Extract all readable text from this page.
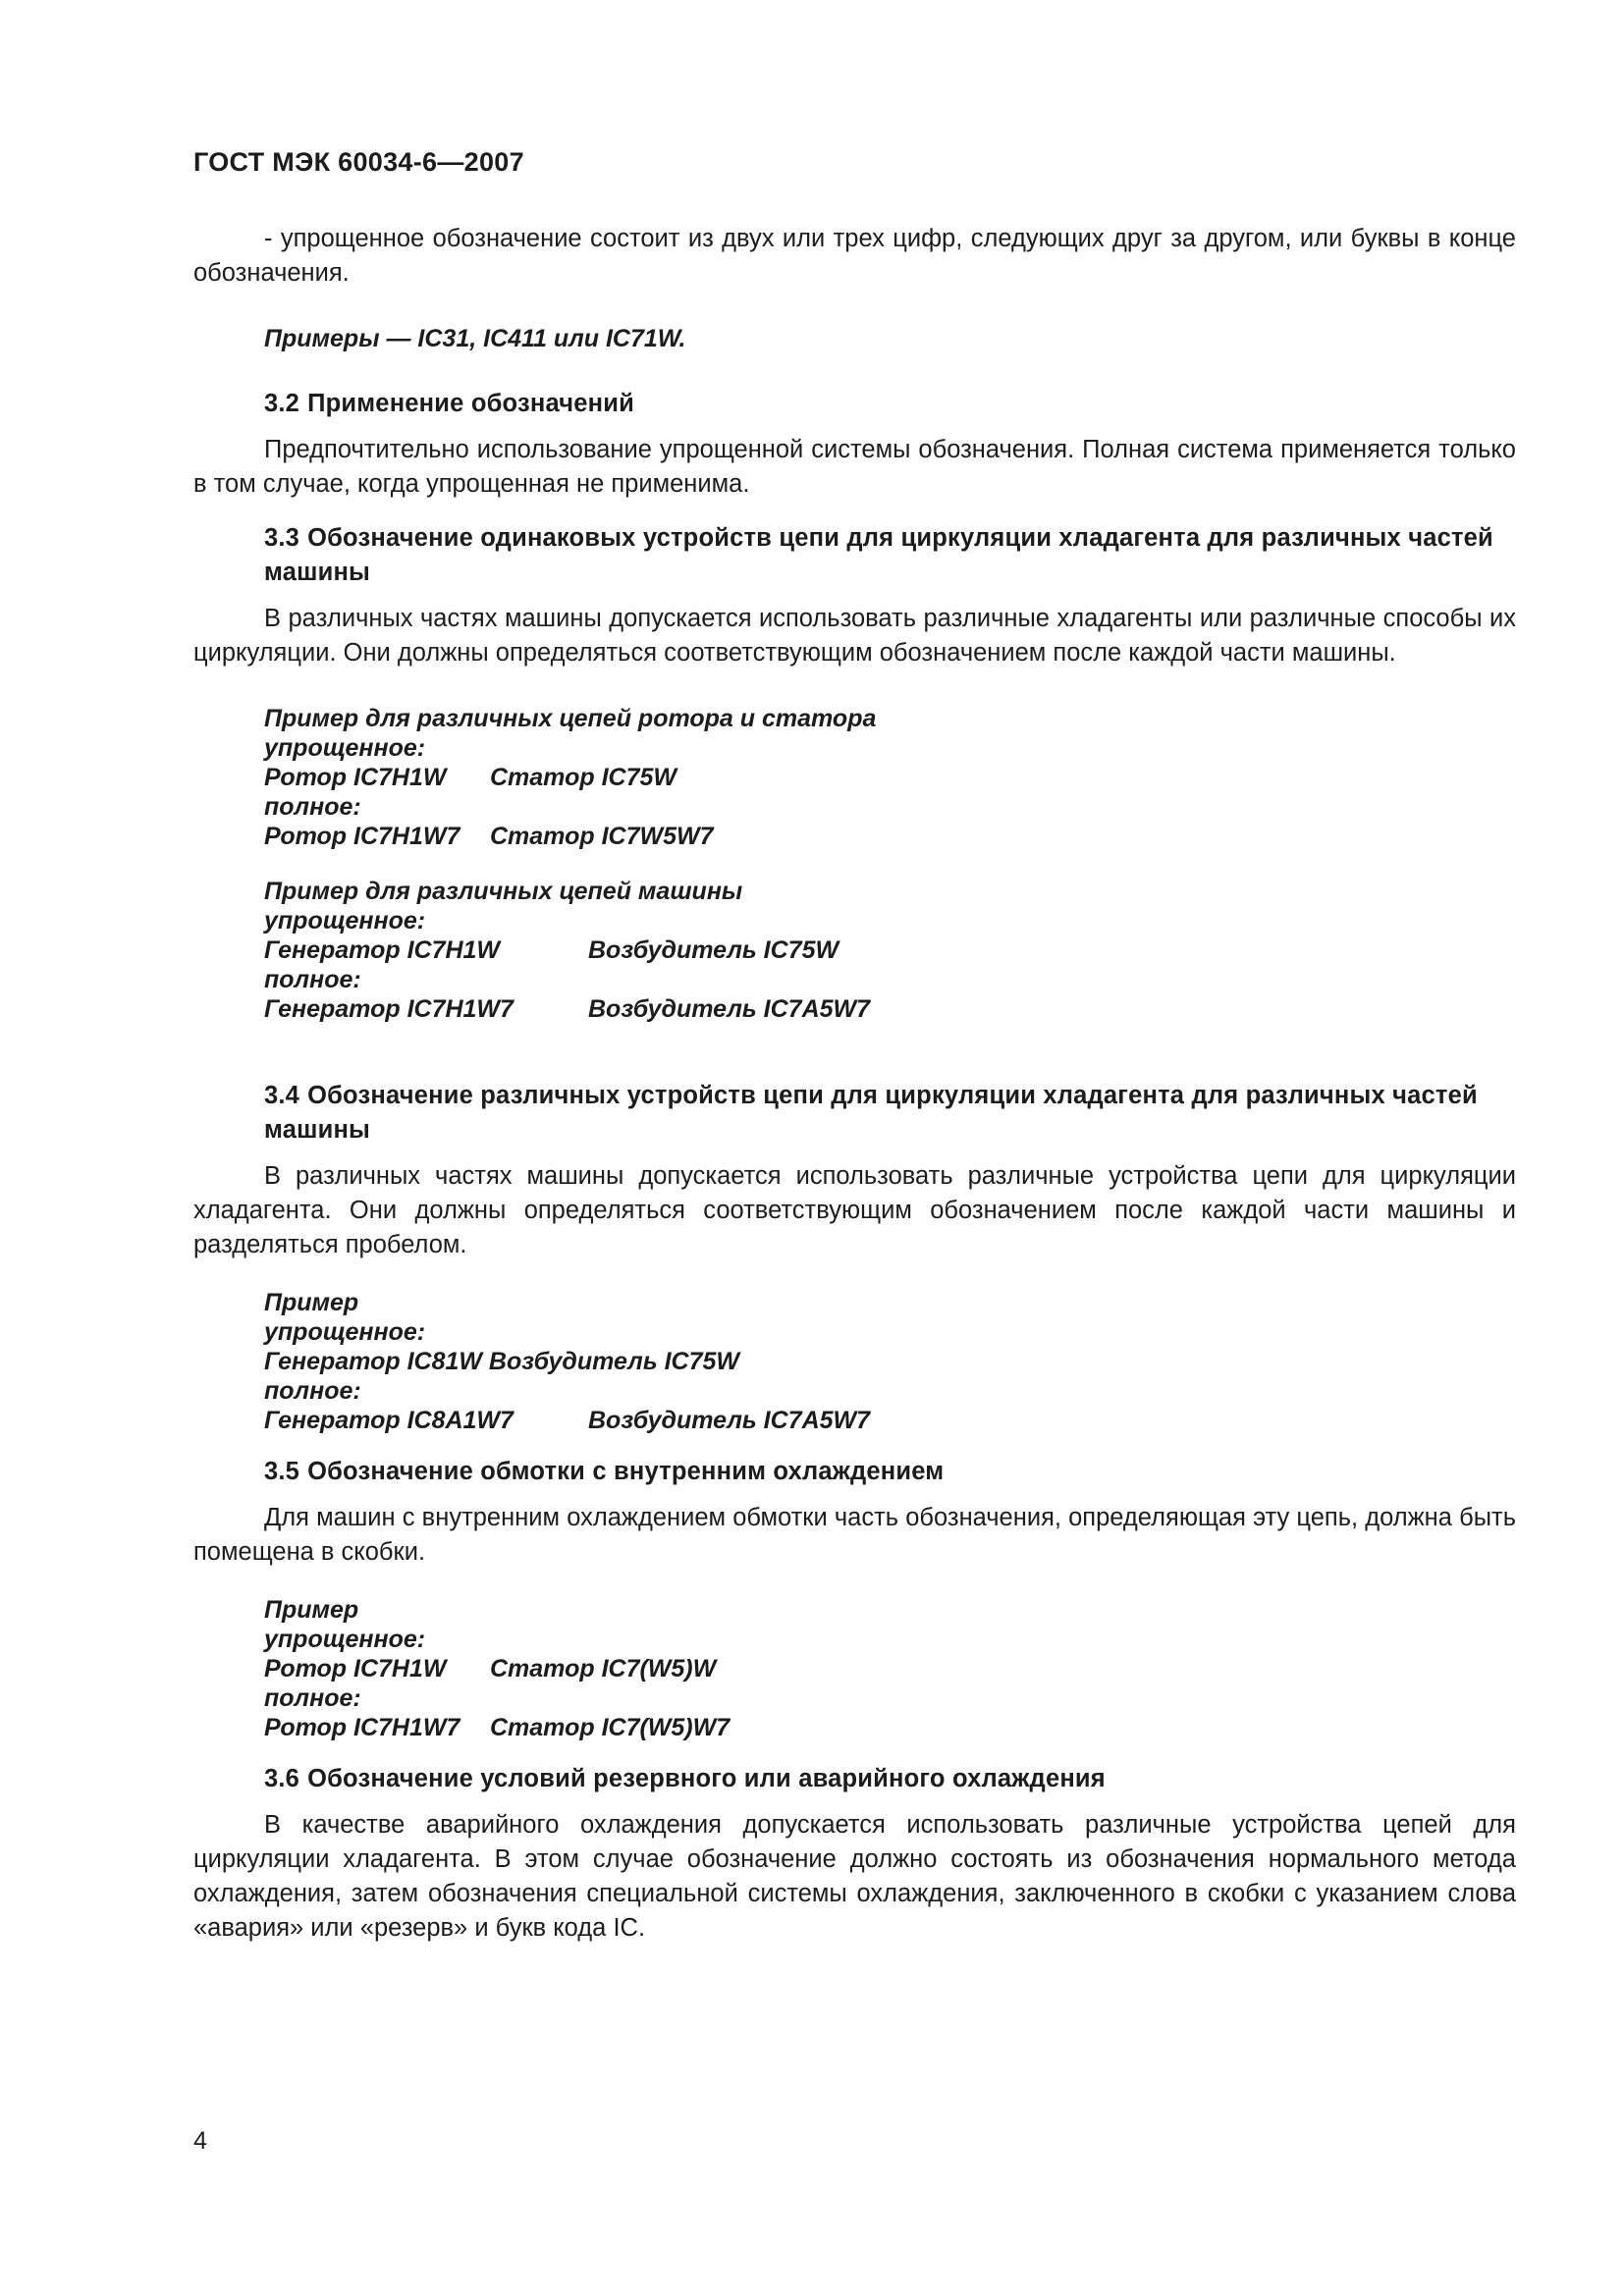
ГОСТ МЭК 60034-6—2007

- упрощенное обозначение состоит из двух или трех цифр, следующих друг за другом, или буквы в конце обозначения.

Примеры — IC31, IC411 или IC71W.
3.2 Применение обозначений

Предпочтительно использование упрощенной системы обозначения. Полная система применяется только в том случае, когда упрощенная не применима.

3.3 Обозначение одинаковых устройств цепи для циркуляции хладагента для различных частей машины

В различных частях машины допускается использовать различные хладагенты или различные способы их циркуляции. Они должны определяться соответствующим обозначением после каждой части машины.

Пример для различных цепей ротора и статора
упрощенное:
Ротор IC7H1W	Статор IC75W
полное:
Ротор IC7H1W7	Статор IC7W5W7
Пример для различных цепей машины
упрощенное:
Генератор IC7H1W	Возбудитель IC75W
полное:
Генератор IC7H1W7	Возбудитель IC7A5W7
3.4 Обозначение различных устройств цепи для циркуляции хладагента для различных частей машины

В различных частях машины допускается использовать различные устройства цепи для циркуляции хладагента. Они должны определяться соответствующим обозначением после каждой части машины и разделяться пробелом.

Пример
упрощенное:
Генератор IC81W Возбудитель IC75W
полное:
Генератор IC8A1W7	Возбудитель IC7A5W7
3.5 Обозначение обмотки с внутренним охлаждением

Для машин с внутренним охлаждением обмотки часть обозначения, определяющая эту цепь, должна быть помещена в скобки.

Пример
упрощенное:
Ротор IC7H1W	Статор IC7(W5)W
полное:
Ротор IC7H1W7	Статор IC7(W5)W7
3.6 Обозначение условий резервного или аварийного охлаждения

В качестве аварийного охлаждения допускается использовать различные устройства цепей для циркуляции хладагента. В этом случае обозначение должно состоять из обозначения нормального метода охлаждения, затем обозначения специальной системы охлаждения, заключенного в скобки с указанием слова «авария» или «резерв» и букв кода IC.

4
